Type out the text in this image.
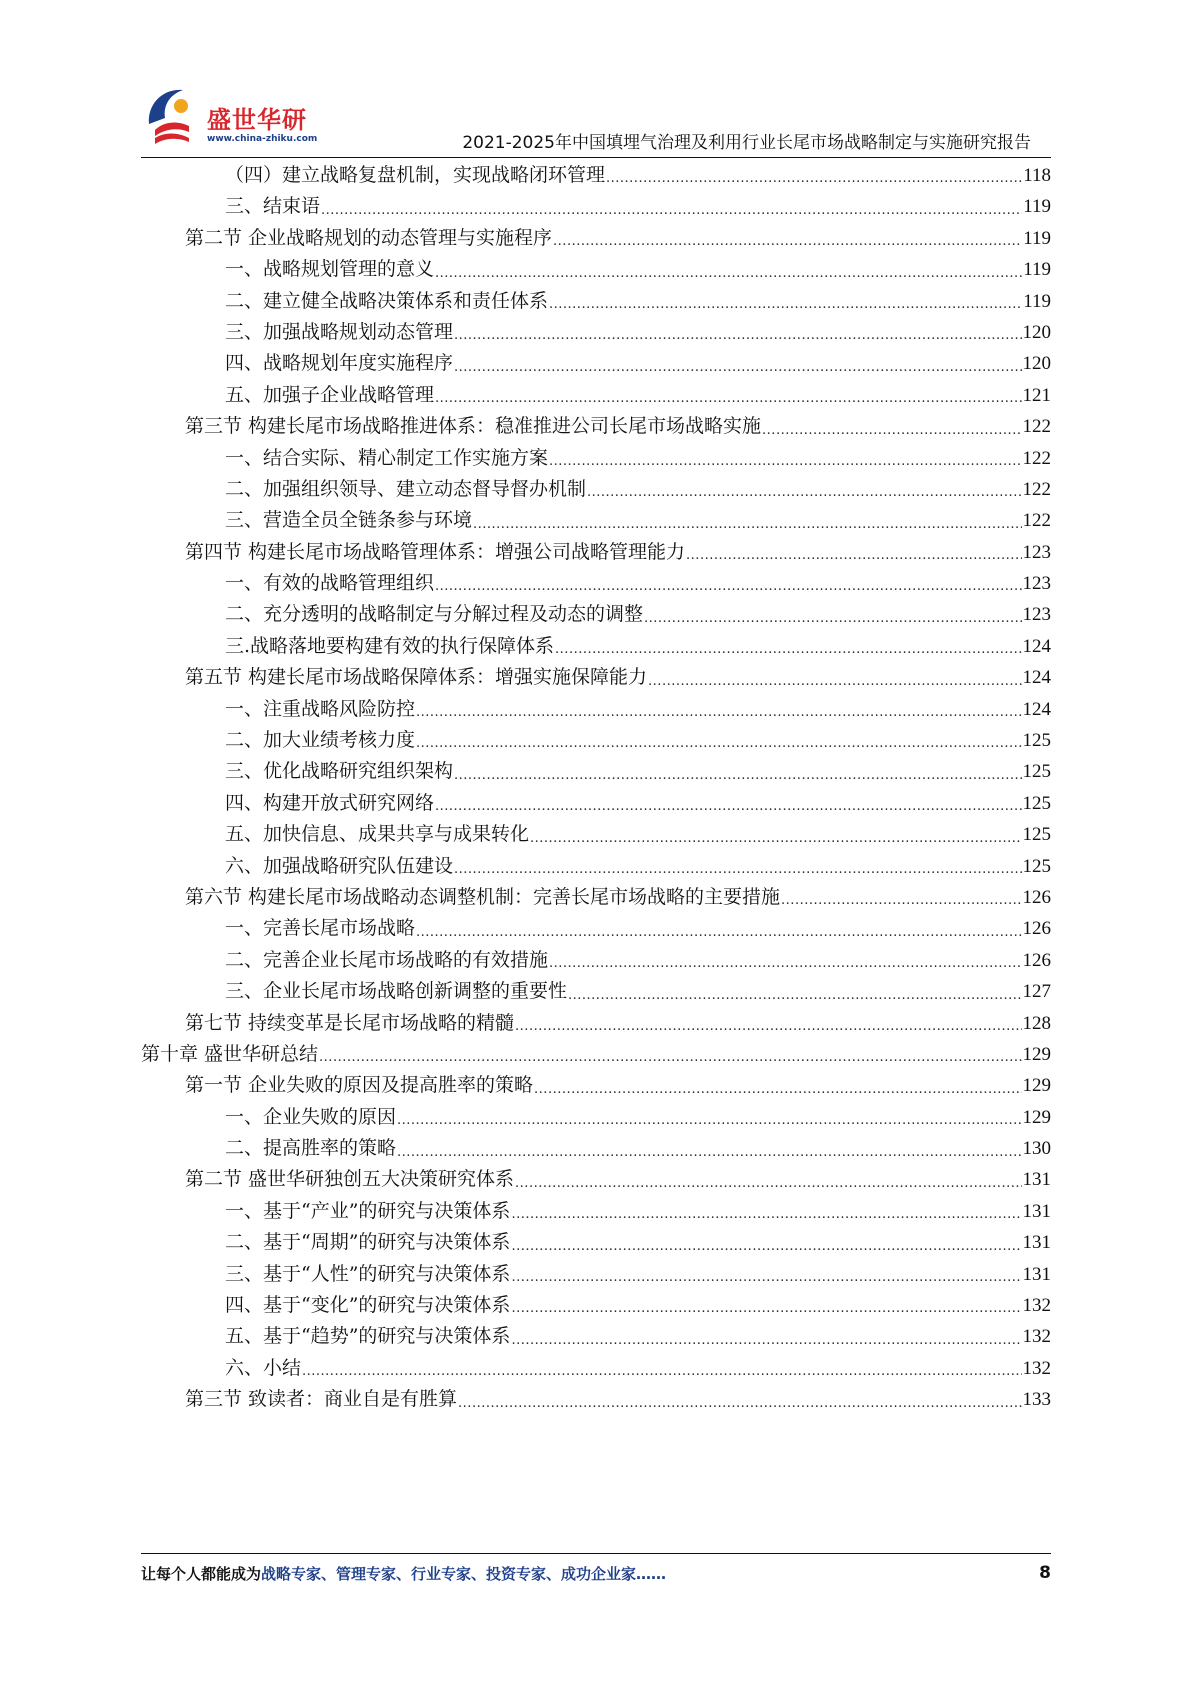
盛世华研
www.china-zhiku.com	2021-2025年中国填埋气治理及利用行业长尾市场战略制定与实施研究报告
（四）建立战略复盘机制，实现战略闭环管理 .....	118
三、结束语 .....	119
第二节 企业战略规划的动态管理与实施程序 .....	119
一、战略规划管理的意义 .....	119
二、建立健全战略决策体系和责任体系 .....	119
三、加强战略规划动态管理 .....	120
四、战略规划年度实施程序 .....	120
五、加强子企业战略管理 .....	121
第三节 构建长尾市场战略推进体系：稳准推进公司长尾市场战略实施 .....	122
一、结合实际、精心制定工作实施方案 .....	122
二、加强组织领导、建立动态督导督办机制 .....	122
三、营造全员全链条参与环境 .....	122
第四节 构建长尾市场战略管理体系：增强公司战略管理能力 .....	123
一、有效的战略管理组织 .....	123
二、充分透明的战略制定与分解过程及动态的调整 .....	123
三.战略落地要构建有效的执行保障体系 .....	124
第五节 构建长尾市场战略保障体系：增强实施保障能力 .....	124
一、注重战略风险防控 .....	124
二、加大业绩考核力度 .....	125
三、优化战略研究组织架构 .....	125
四、构建开放式研究网络 .....	125
五、加快信息、成果共享与成果转化 .....	125
六、加强战略研究队伍建设 .....	125
第六节 构建长尾市场战略动态调整机制：完善长尾市场战略的主要措施 .....	126
一、完善长尾市场战略 .....	126
二、完善企业长尾市场战略的有效措施 .....	126
三、企业长尾市场战略创新调整的重要性 .....	127
第七节 持续变革是长尾市场战略的精髓 .....	128
第十章 盛世华研总结 .....	129
第一节 企业失败的原因及提高胜率的策略 .....	129
一、企业失败的原因 .....	129
二、提高胜率的策略 .....	130
第二节 盛世华研独创五大决策研究体系 .....	131
一、基于“产业”的研究与决策体系 .....	131
二、基于“周期”的研究与决策体系 .....	131
三、基于“人性”的研究与决策体系 .....	131
四、基于“变化”的研究与决策体系 .....	132
五、基于“趋势”的研究与决策体系 .....	132
六、小结 .....	132
第三节 致读者：商业自是有胜算 .....	133
让每个人都能成为战略专家、管理专家、行业专家、投资专家、成功企业家……	8
